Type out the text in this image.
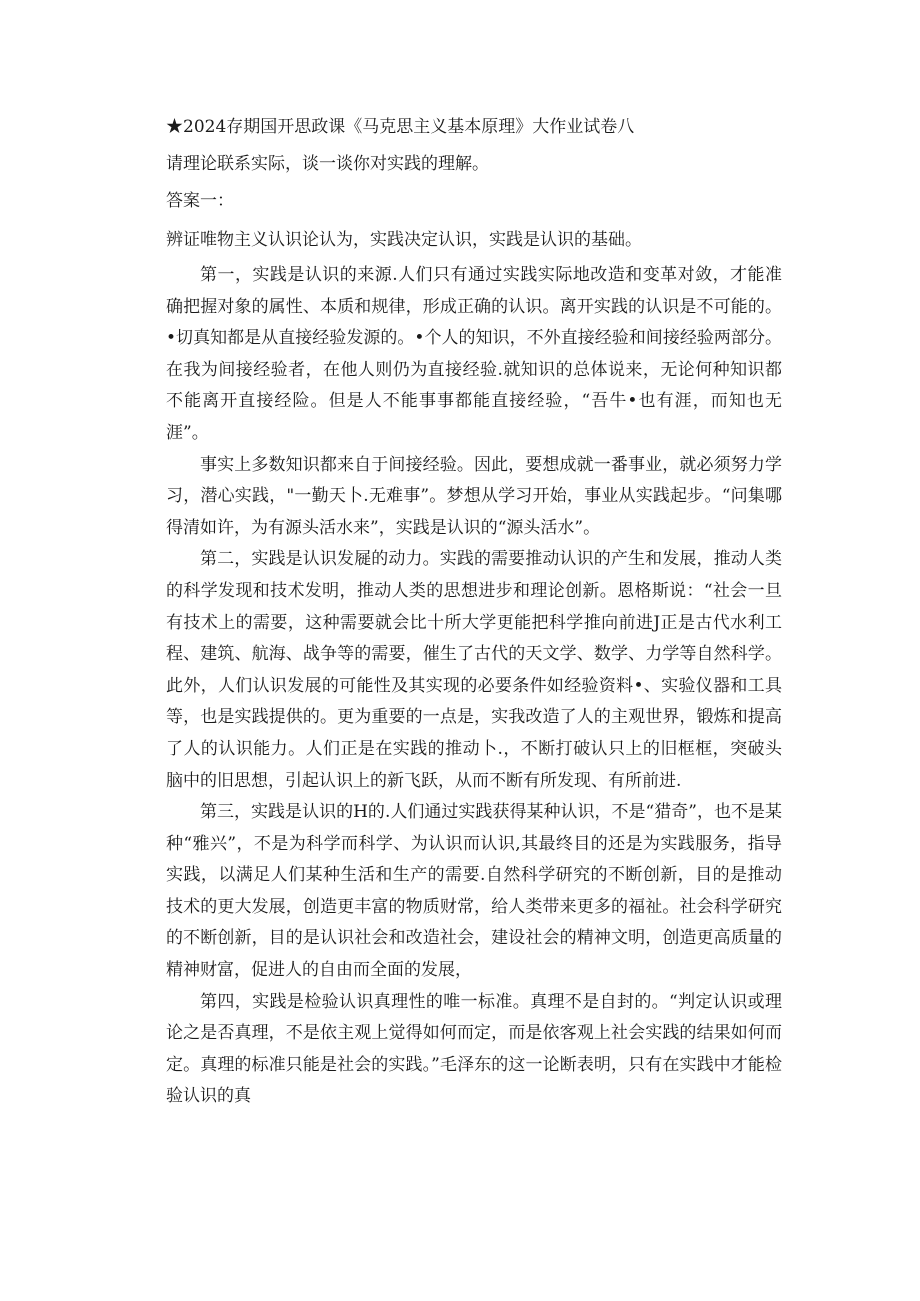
★2024存期国开思政课《马克思主义基本原理》大作业试卷八

请理论联系实际，谈一谈你对实践的理解。

答案一：

辨证唯物主义认识论认为，实践决定认识，实践是认识的基础。

第一，实践是认识的来源.人们只有通过实践实际地改造和变革对敛，才能准确把握对象的属性、本质和规律，形成正确的认识。离开实践的认识是不可能的。•切真知都是从直接经验发源的。•个人的知识，不外直接经验和间接经验两部分。在我为间接经验者，在他人则仍为直接经验.就知识的总体说来，无论何种知识都不能离开直接经险。但是人不能事事都能直接经验，“吾牛•也有涯，而知也无涯”。

事实上多数知识都来自于间接经验。因此，要想成就一番事业，就必须努力学习，潜心实践，"一勤天卜.无难事”。梦想从学习开始，事业从实践起步。“问集哪得清如许，为有源头活水来”，实践是认识的“源头活水”。

第二，实践是认识发屣的动力。实践的需要推动认识的产生和发展，推动人类的科学发现和技术发明，推动人类的思想进步和理论创新。恩格斯说：“社会一旦有技术上的需要，这种需要就会比十所大学更能把科学推向前进J正是古代水利工程、建筑、航海、战争等的需要，催生了古代的天文学、数学、力学等自然科学。此外，人们认识发展的可能性及其实现的必要条件如经验资料•、实验仪器和工具等，也是实践提供的。更为重要的一点是，实我改造了人的主观世界，锻炼和提高了人的认识能力。人们正是在实践的推动卜.，不断打破认只上的旧框框，突破头脑中的旧思想，引起认识上的新飞跃，从而不断有所发现、有所前进.

第三，实践是认识的H的.人们通过实践获得某种认识，不是“猎奇”，也不是某种“雅兴”，不是为科学而科学、为认识而认识,其最终目的还是为实践服务，指导实践，以满足人们某种生活和生产的需要.自然科学研究的不断创新，目的是推动技术的更大发展，创造更丰富的物质财常，给人类带来更多的福祉。社会科学研究的不断创新，目的是认识社会和改造社会，建设社会的精神文明，创造更高质量的精神财富，促进人的自由而全面的发展，

第四，实践是检验认识真理性的唯一标准。真理不是自封的。“判定认识或理论之是否真理，不是依主观上觉得如何而定，而是依客观上社会实践的结果如何而定。真理的标准只能是社会的实践。”毛泽东的这一论断表明，只有在实践中才能检验认识的真
